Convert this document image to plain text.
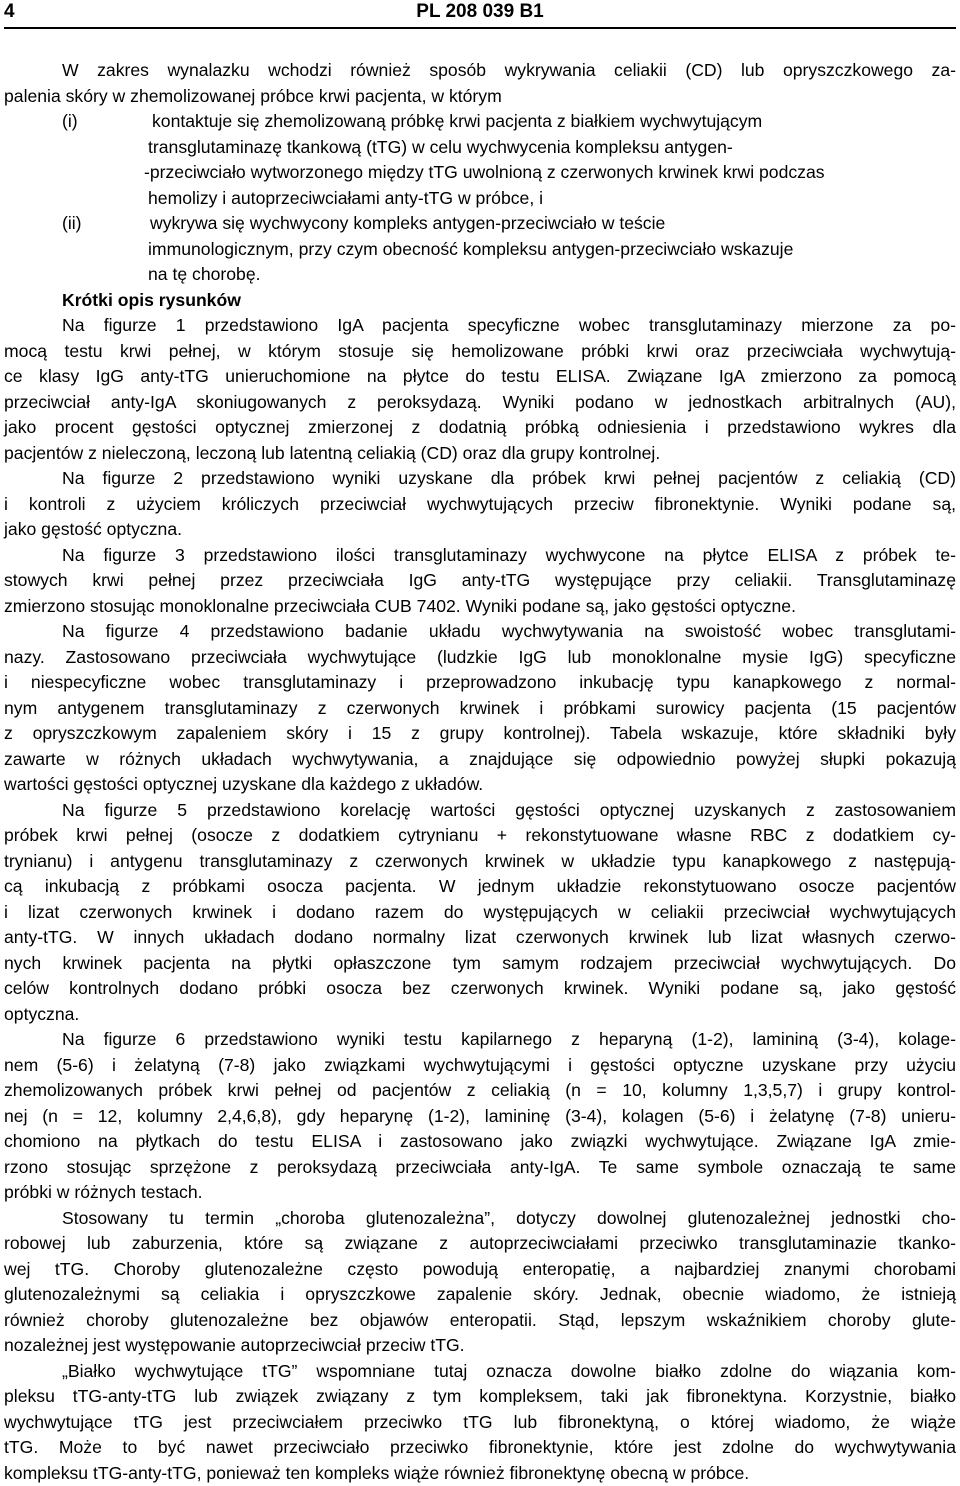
4	PL 208 039 B1
W zakres wynalazku wchodzi również sposób wykrywania celiakii (CD) lub opryszczkowego za-
palenia skóry w zhemolizowanej próbce krwi pacjenta, w którym
(i)	kontaktuje się zhemolizowaną próbkę krwi pacjenta z białkiem wychwytującym
transglutaminazę tkankową (tTG) w celu wychwycenia kompleksu antygen-
-przeciwciało wytworzonego między tTG uwolnioną z czerwonych krwinek krwi podczas
hemolizy i autoprzeciwciałami anty-tTG w próbce, i
(ii)	wykrywa się wychwycony kompleks antygen-przeciwciało w teście
immunologicznym, przy czym obecność kompleksu antygen-przeciwciało wskazuje
na tę chorobę.
Krótki opis rysunków
Na figurze 1 przedstawiono IgA pacjenta specyficzne wobec transglutaminazy mierzone za po-
mocą testu krwi pełnej, w którym stosuje się hemolizowane próbki krwi oraz przeciwciała wychwytują-
ce klasy IgG anty-tTG unieruchomione na płytce do testu ELISA. Związane IgA zmierzono za pomocą
przeciwciał anty-IgA skoniugowanych z peroksydazą. Wyniki podano w jednostkach arbitralnych (AU),
jako procent gęstości optycznej zmierzonej z dodatnią próbką odniesienia i przedstawiono wykres dla
pacjentów z nieleczoną, leczoną lub latentną celiakią (CD) oraz dla grupy kontrolnej.
Na figurze 2 przedstawiono wyniki uzyskane dla próbek krwi pełnej pacjentów z celiakią (CD)
i kontroli z użyciem króliczych przeciwciał wychwytujących przeciw fibronektynie. Wyniki podane są,
jako gęstość optyczna.
Na figurze 3 przedstawiono ilości transglutaminazy wychwycone na płytce ELISA z próbek te-
stowych krwi pełnej przez przeciwciała IgG anty-tTG występujące przy celiakii. Transglutaminazę
zmierzono stosując monoklonalne przeciwciała CUB 7402. Wyniki podane są, jako gęstości optyczne.
Na figurze 4 przedstawiono badanie układu wychwytywania na swoistość wobec transglutami-
nazy. Zastosowano przeciwciała wychwytujące (ludzkie IgG lub monoklonalne mysie IgG) specyficzne
i niespecyficzne wobec transglutaminazy i przeprowadzono inkubację typu kanapkowego z normal-
nym antygenem transglutaminazy z czerwonych krwinek i próbkami surowicy pacjenta (15 pacjentów
z opryszczkowym zapaleniem skóry i 15 z grupy kontrolnej). Tabela wskazuje, które składniki były
zawarte w różnych układach wychwytywania, a znajdujące się odpowiednio powyżej słupki pokazują
wartości gęstości optycznej uzyskane dla każdego z układów.
Na figurze 5 przedstawiono korelację wartości gęstości optycznej uzyskanych z zastosowaniem
próbek krwi pełnej (osocze z dodatkiem cytrynianu + rekonstytuowane własne RBC z dodatkiem cy-
trynianu) i antygenu transglutaminazy z czerwonych krwinek w układzie typu kanapkowego z następują-
cą inkubacją z próbkami osocza pacjenta. W jednym układzie rekonstytuowano osocze pacjentów
i lizat czerwonych krwinek i dodano razem do występujących w celiakii przeciwciał wychwytujących
anty-tTG. W innych układach dodano normalny lizat czerwonych krwinek lub lizat własnych czerwo-
nych krwinek pacjenta na płytki opłaszczone tym samym rodzajem przeciwciał wychwytujących. Do
celów kontrolnych dodano próbki osocza bez czerwonych krwinek. Wyniki podane są, jako gęstość
optyczna.
Na figurze 6 przedstawiono wyniki testu kapilarnego z heparyną (1-2), lamininą (3-4), kolage-
nem (5-6) i żelatyną (7-8) jako związkami wychwytującymi i gęstości optyczne uzyskane przy użyciu
zhemolizowanych próbek krwi pełnej od pacjentów z celiakią (n = 10, kolumny 1,3,5,7) i grupy kontrol-
nej (n = 12, kolumny 2,4,6,8), gdy heparynę (1-2), lamininę (3-4), kolagen (5-6) i żelatynę (7-8) unieru-
chomiono na płytkach do testu ELISA i zastosowano jako związki wychwytujące. Związane IgA zmie-
rzono stosując sprzężone z peroksydazą przeciwciała anty-IgA. Te same symbole oznaczają te same
próbki w różnych testach.
Stosowany tu termin „choroba glutenozależna”, dotyczy dowolnej glutenozależnej jednostki cho-
robowej lub zaburzenia, które są związane z autoprzeciwciałami przeciwko transglutaminazie tkanko-
wej tTG. Choroby glutenozależne często powodują enteropatię, a najbardziej znanymi chorobami
glutenozależnymi są celiakia i opryszczkowe zapalenie skóry. Jednak, obecnie wiadomo, że istnieją
również choroby glutenozależne bez objawów enteropatii. Stąd, lepszym wskaźnikiem choroby glute-
nozależnej jest występowanie autoprzeciwciał przeciw tTG.
„Białko wychwytujące tTG” wspomniane tutaj oznacza dowolne białko zdolne do wiązania kom-
pleksu tTG-anty-tTG lub związek związany z tym kompleksem, taki jak fibronektyna. Korzystnie, białko
wychwytujące tTG jest przeciwciałem przeciwko tTG lub fibronektyną, o której wiadomo, że wiąże
tTG. Może to być nawet przeciwciało przeciwko fibronektynie, które jest zdolne do wychwytywania
kompleksu tTG-anty-tTG, ponieważ ten kompleks wiąże również fibronektynę obecną w próbce.
